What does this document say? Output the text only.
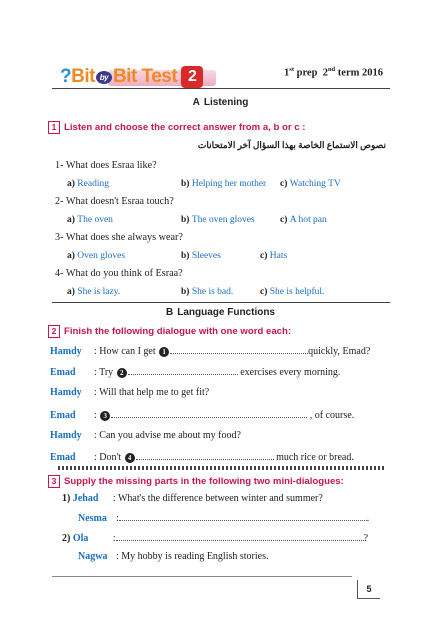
?Bit by Bit Test 2	1st prep 2nd term 2016
A Listening
1 Listen and choose the correct answer from a, b or c :
نصوص الاستماع الخاصة بهذا السؤال آخر الامتحانات
1- What does Esraa like?
a) Reading	b) Helping her mother c) Watching TV
2- What doesn't Esraa touch?
a) The oven	b) The oven gloves	c) A hot pan
3- What does she always wear?
a) Oven gloves	b) Sleeves	c) Hats
4- What do you think of Esraa?
a) She is lazy.	b) She is bad.	c) She is helpful.
B Language Functions
2 Finish the following dialogue with one word each:
Hamdy : How can I get 1	quickly, Emad?
Emad : Try 2	exercises every morning.
Hamdy : Will that help me to get fit?
Emad : 3	, of course.
Hamdy : Can you advise me about my food?
Emad : Don't 4	much rice or bread.
3 Supply the missing parts in the following two mini-dialogues:
1) Jehad : What's the difference between winter and summer?
Nesma :	.
2) Ola :	?
Nagwa : My hobby is reading English stories.
5
